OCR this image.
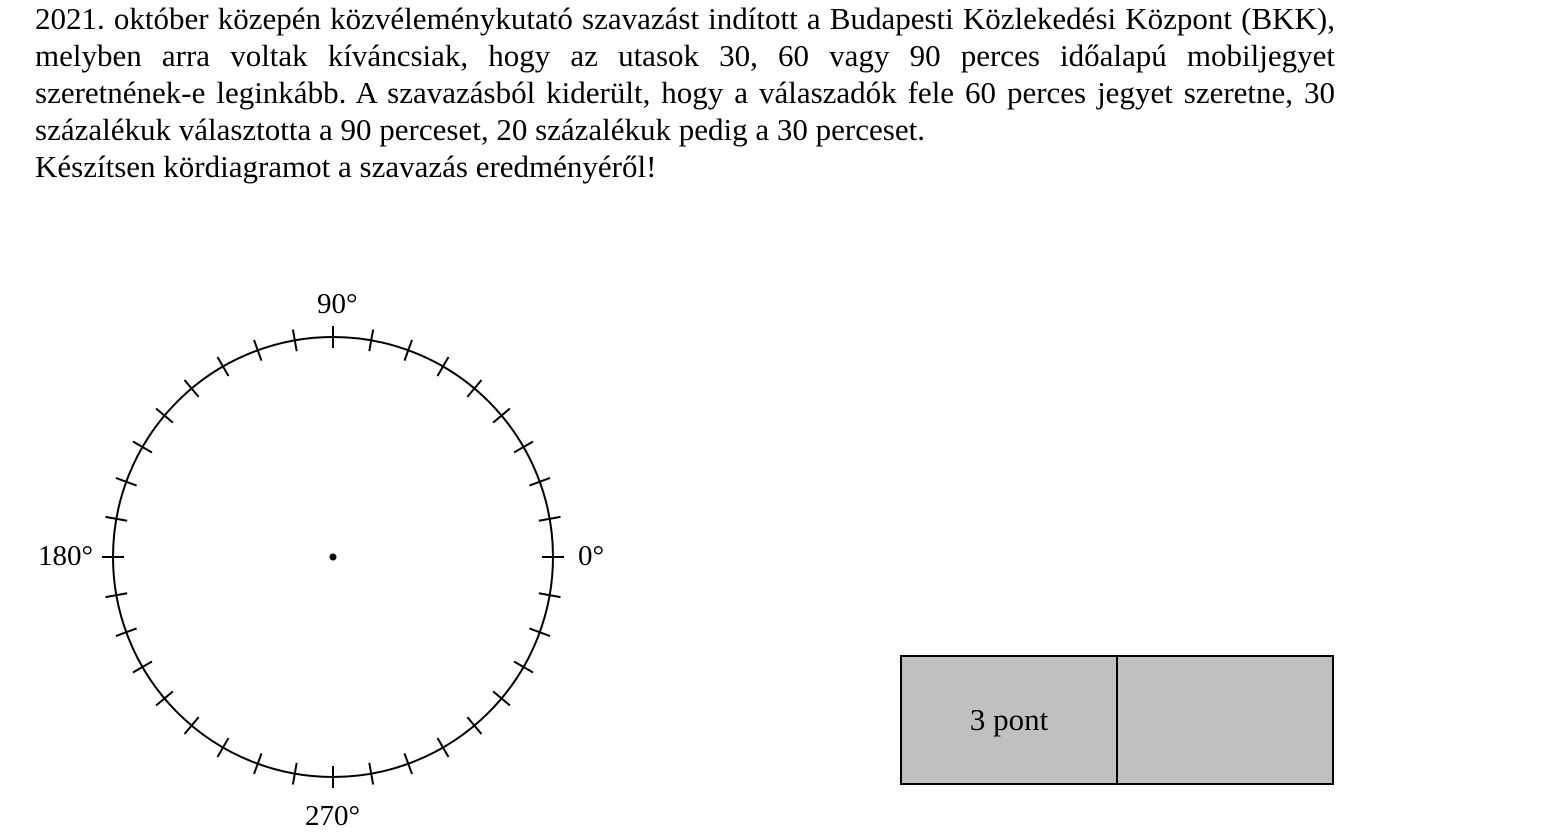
2021. október közepén közvéleménykutató szavazást indított a Budapesti Közlekedési Központ (BKK), melyben arra voltak kíváncsiak, hogy az utasok 30, 60 vagy 90 perces időalapú mobiljegyet szeretnének-e leginkább. A szavazásból kiderült, hogy a válaszadók fele 60 perces jegyet szeretne, 30 százalékuk választotta a 90 perceset, 20 százalékuk pedig a 30 perceset.

Készítsen kördiagramot a szavazás eredményéről!

90°
180°	0°
270°
3 pont
